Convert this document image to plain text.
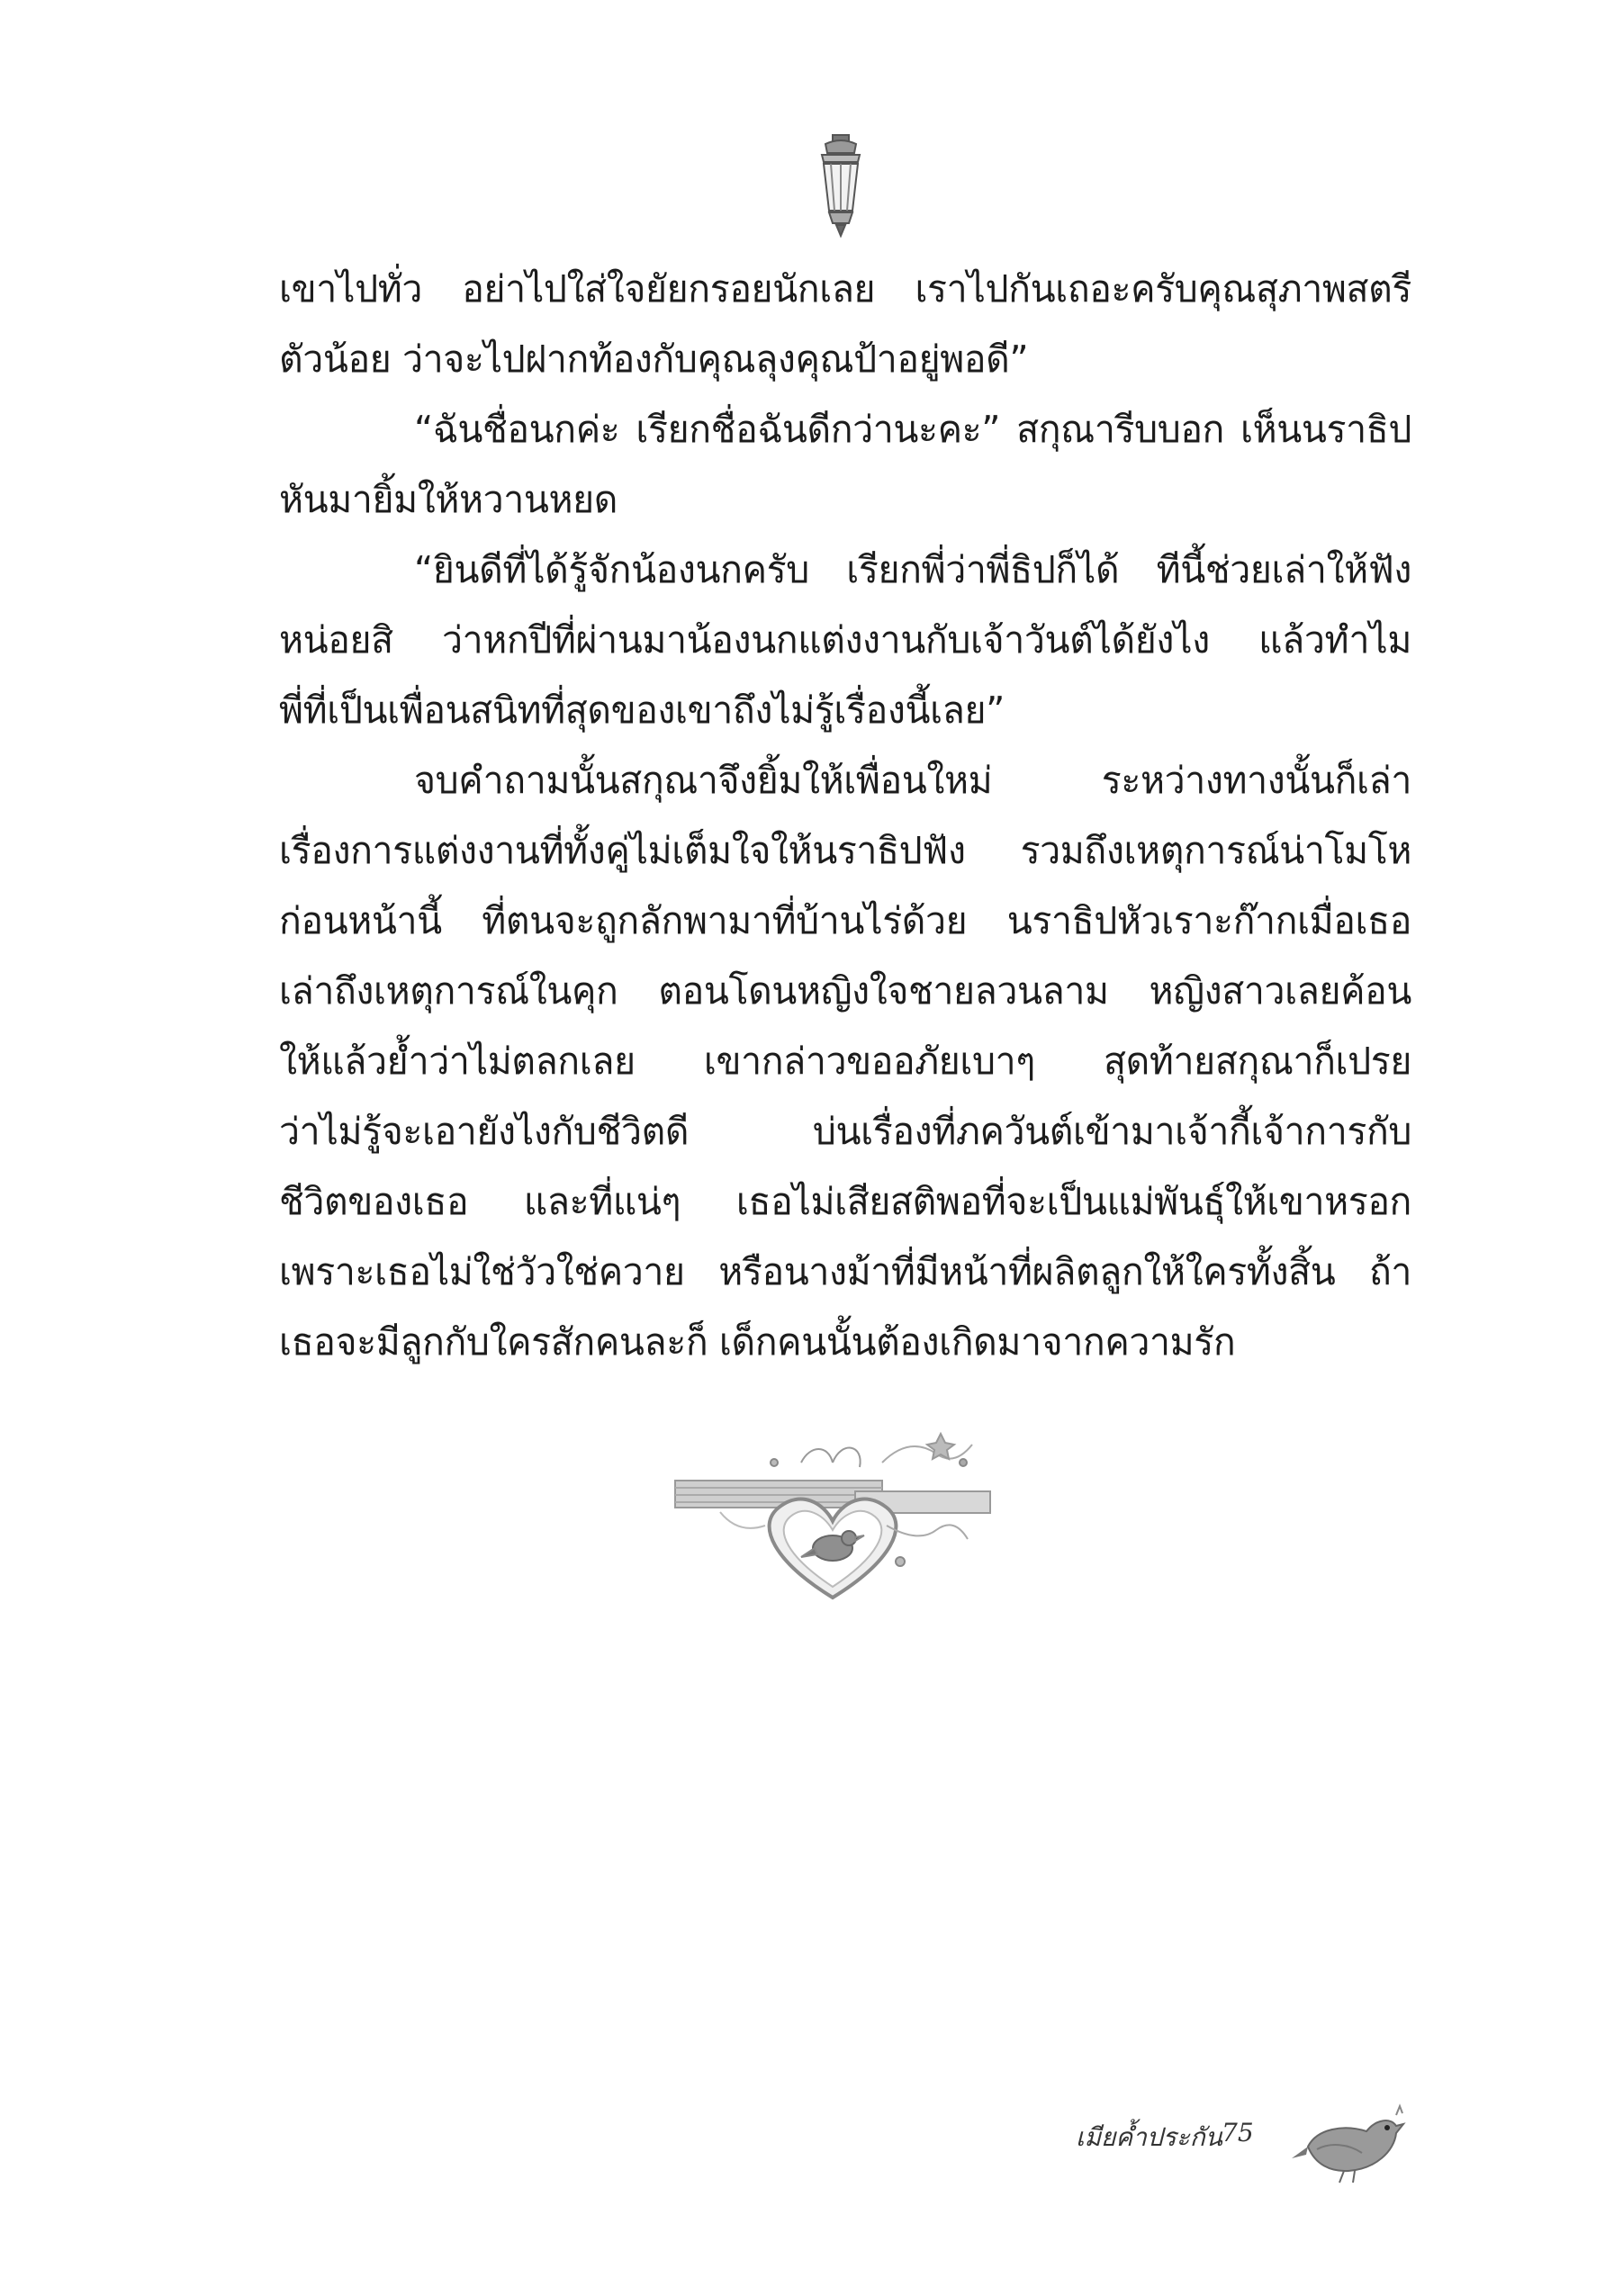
เขาไปทั่ว อย่าไปใส่ใจยัยกรอยนักเลย เราไปกันเถอะครับคุณสุภาพสตรี
ตัวน้อย ว่าจะไปฝากท้องกับคุณลุงคุณป้าอยู่พอดี”
“ฉันชื่อนกค่ะ เรียกชื่อฉันดีกว่านะคะ” สกุณารีบบอก เห็นนราธิป
หันมายิ้มให้หวานหยด
“ยินดีที่ได้รู้จักน้องนกครับ เรียกพี่ว่าพี่ธิปก็ได้ ทีนี้ช่วยเล่าให้ฟัง
หน่อยสิ ว่าหกปีที่ผ่านมาน้องนกแต่งงานกับเจ้าวันต์ได้ยังไง แล้วทำไม
พี่ที่เป็นเพื่อนสนิทที่สุดของเขาถึงไม่รู้เรื่องนี้เลย”
จบคำถามนั้นสกุณาจึงยิ้มให้เพื่อนใหม่ ระหว่างทางนั้นก็เล่า
เรื่องการแต่งงานที่ทั้งคู่ไม่เต็มใจให้นราธิปฟัง รวมถึงเหตุการณ์น่าโมโห
ก่อนหน้านี้ ที่ตนจะถูกลักพามาที่บ้านไร่ด้วย นราธิปหัวเราะก๊ากเมื่อเธอ
เล่าถึงเหตุการณ์ในคุก ตอนโดนหญิงใจชายลวนลาม หญิงสาวเลยค้อน
ให้แล้วย้ำว่าไม่ตลกเลย เขากล่าวขออภัยเบาๆ สุดท้ายสกุณาก็เปรย
ว่าไม่รู้จะเอายังไงกับชีวิตดี บ่นเรื่องที่ภควันต์เข้ามาเจ้ากี้เจ้าการกับ
ชีวิตของเธอ และที่แน่ๆ เธอไม่เสียสติพอที่จะเป็นแม่พันธุ์ให้เขาหรอก
เพราะเธอไม่ใช่วัวใช่ควาย หรือนางม้าที่มีหน้าที่ผลิตลูกให้ใครทั้งสิ้น ถ้า
เธอจะมีลูกกับใครสักคนละก็ เด็กคนนั้นต้องเกิดมาจากความรัก
เมียค้ำประกัน 75
